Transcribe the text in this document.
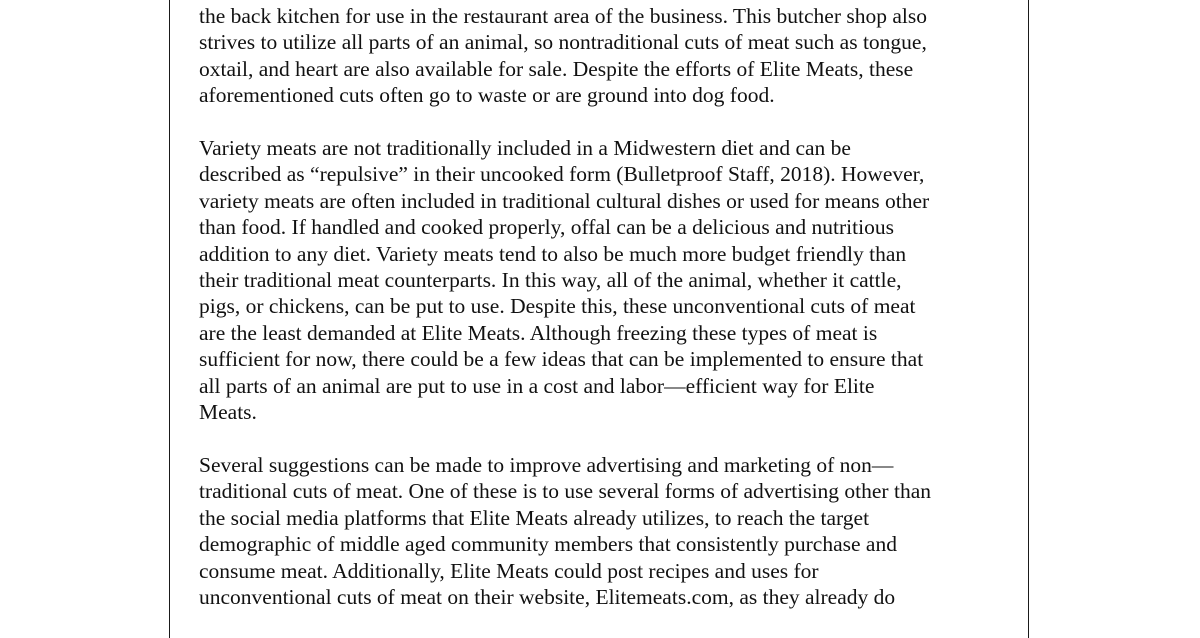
the back kitchen for use in the restaurant area of the business. This butcher shop also
strives to utilize all parts of an animal, so nontraditional cuts of meat such as tongue,
oxtail, and heart are also available for sale. Despite the efforts of Elite Meats, these
aforementioned cuts often go to waste or are ground into dog food.

Variety meats are not traditionally included in a Midwestern diet and can be
described as “repulsive” in their uncooked form (Bulletproof Staff, 2018). However,
variety meats are often included in traditional cultural dishes or used for means other
than food. If handled and cooked properly, offal can be a delicious and nutritious
addition to any diet. Variety meats tend to also be much more budget friendly than
their traditional meat counterparts. In this way, all of the animal, whether it cattle,
pigs, or chickens, can be put to use. Despite this, these unconventional cuts of meat
are the least demanded at Elite Meats. Although freezing these types of meat is
sufficient for now, there could be a few ideas that can be implemented to ensure that
all parts of an animal are put to use in a cost and labor—efficient way for Elite
Meats.

Several suggestions can be made to improve advertising and marketing of non—
traditional cuts of meat. One of these is to use several forms of advertising other than
the social media platforms that Elite Meats already utilizes, to reach the target
demographic of middle aged community members that consistently purchase and
consume meat. Additionally, Elite Meats could post recipes and uses for
unconventional cuts of meat on their website, Elitemeats.com, as they already do
